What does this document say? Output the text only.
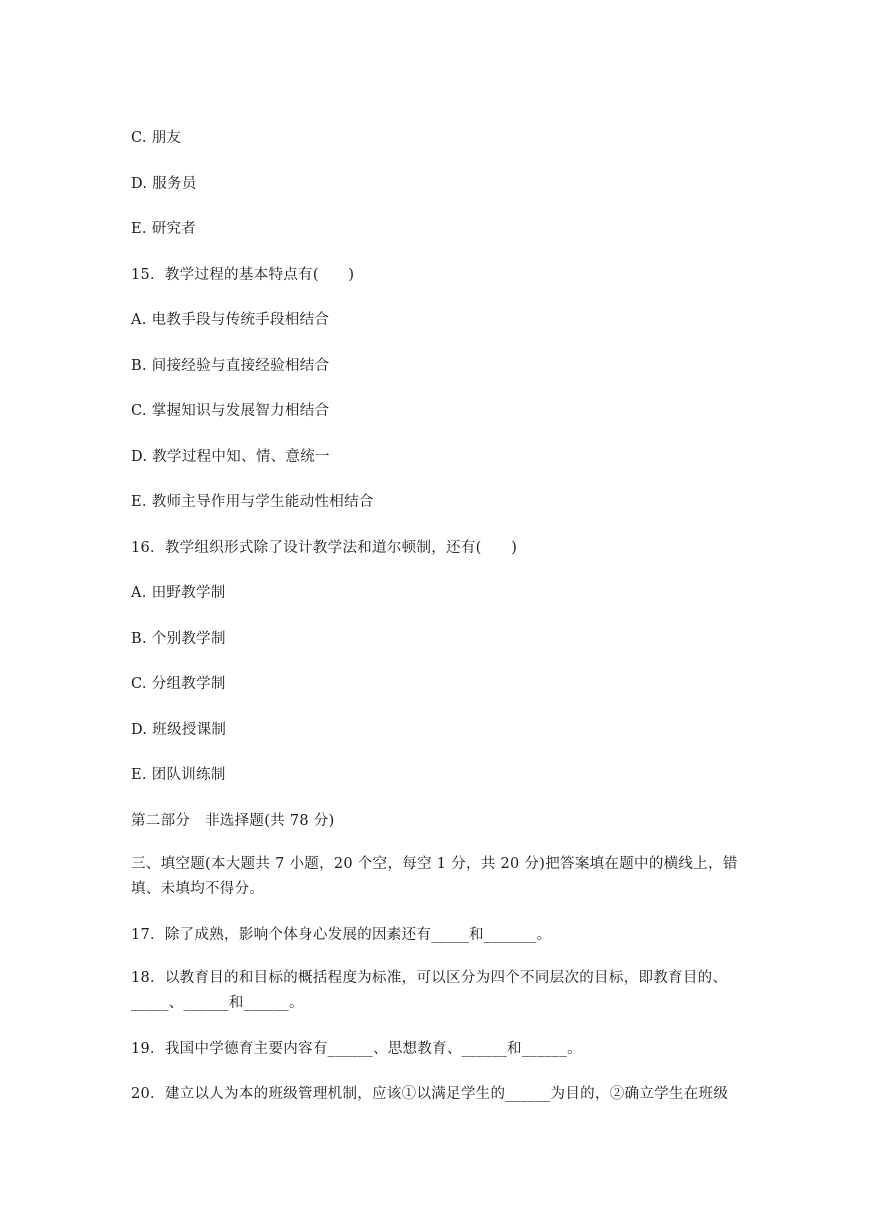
C. 朋友
D. 服务员
E. 研究者
15．教学过程的基本特点有(　　)
A. 电教手段与传统手段相结合
B. 间接经验与直接经验相结合
C. 掌握知识与发展智力相结合
D. 教学过程中知、情、意统一
E. 教师主导作用与学生能动性相结合
16．教学组织形式除了设计教学法和道尔顿制，还有(　　)
A. 田野教学制
B. 个别教学制
C. 分组教学制
D. 班级授课制
E. 团队训练制
第二部分　非选择题(共 78 分)
三、填空题(本大题共 7 小题，20 个空，每空 1 分，共 20 分)把答案填在题中的横线上，错填、未填均不得分。
17．除了成熟，影响个体身心发展的因素还有_____和_______。
18．以教育目的和目标的概括程度为标准，可以区分为四个不同层次的目标，即教育目的、_____、______和______。
19．我国中学德育主要内容有______、思想教育、______和______。
20．建立以人为本的班级管理机制，应该①以满足学生的______为目的，②确立学生在班级
